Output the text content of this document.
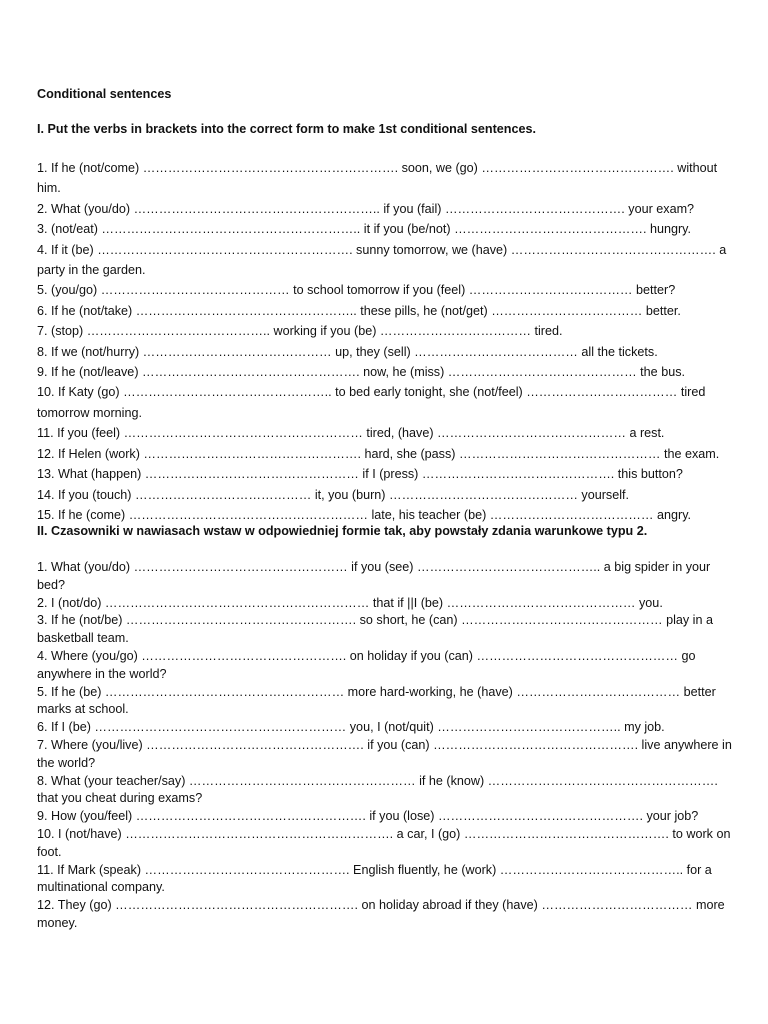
Conditional sentences
I. Put the verbs in brackets into the correct form to make 1st conditional sentences.
1. If he (not/come) ……………………………………………………. soon, we (go) ………………………………………. without him.
2. What (you/do) ………………………………………………….. if you (fail) ……………………………………. your exam?
3. (not/eat) …………………………………………………….. it if you (be/not) ………………………………………. hungry.
4. If it (be) ……………………………………………………. sunny tomorrow, we (have) …………………………………………. a party in the garden.
5. (you/go) ……………………………………… to school tomorrow if you (feel) ………………………………… better?
6. If he (not/take) …………………………………………….. these pills, he (not/get) ……………………………… better.
7. (stop) …………………………………….. working if you (be) ……………………………… tired.
8. If we (not/hurry) ……………………………………… up, they (sell) ………………………………… all the tickets.
9. If he (not/leave) ……………………………………………. now, he (miss) ……………………………………… the bus.
10. If Katy (go) ………………………………………….. to bed early tonight, she (not/feel) ……………………………… tired tomorrow morning.
11. If you (feel) ………………………………………………… tired, (have) ……………………………………… a rest.
12. If Helen (work) ……………………………………………. hard, she (pass) ………………………………………… the exam.
13. What (happen) …………………………………………… if I (press) ………………………………………. this button?
14. If you (touch) …………………………………… it, you (burn) ……………………………………… yourself.
15. If he (come) ………………………………………………… late, his teacher (be) ………………………………… angry.
II. Czasowniki w nawiasach wstaw w odpowiedniej formie tak, aby powstały zdania warunkowe typu 2.
1. What (you/do) …………………………………………… if you (see) …………………………………….. a big spider in your bed?
2. I (not/do) ……………………………………………………… that if ||I (be) ……………………………………… you.
3. If he (not/be) ………………………………………………. so short, he (can) ………………………………………… play in a basketball team.
4. Where (you/go) …………………………………………. on holiday if you (can) ………………………………………… go anywhere in the world?
5. If he (be) ………………………………………………… more hard-working, he (have) ………………………………… better marks at school.
6. If I (be) …………………………………………………… you, I (not/quit) …………………………………….. my job.
7. Where (you/live) ……………………………………………. if you (can) …………………………………………. live anywhere in the world?
8. What (your teacher/say) ……………………………………………… if he (know) ………………………………………………. that you cheat during exams?
9. How (you/feel) ………………………………………………. if you (lose) …………………………………………. your job?
10. I (not/have) ………………………………………………………. a car, I (go) …………………………………………. to work on foot.
11. If Mark (speak) …………………………………………. English fluently, he (work) …………………………………….. for a multinational company.
12. They (go) …………………………………………………. on holiday abroad if they (have) ……………………………… more money.
